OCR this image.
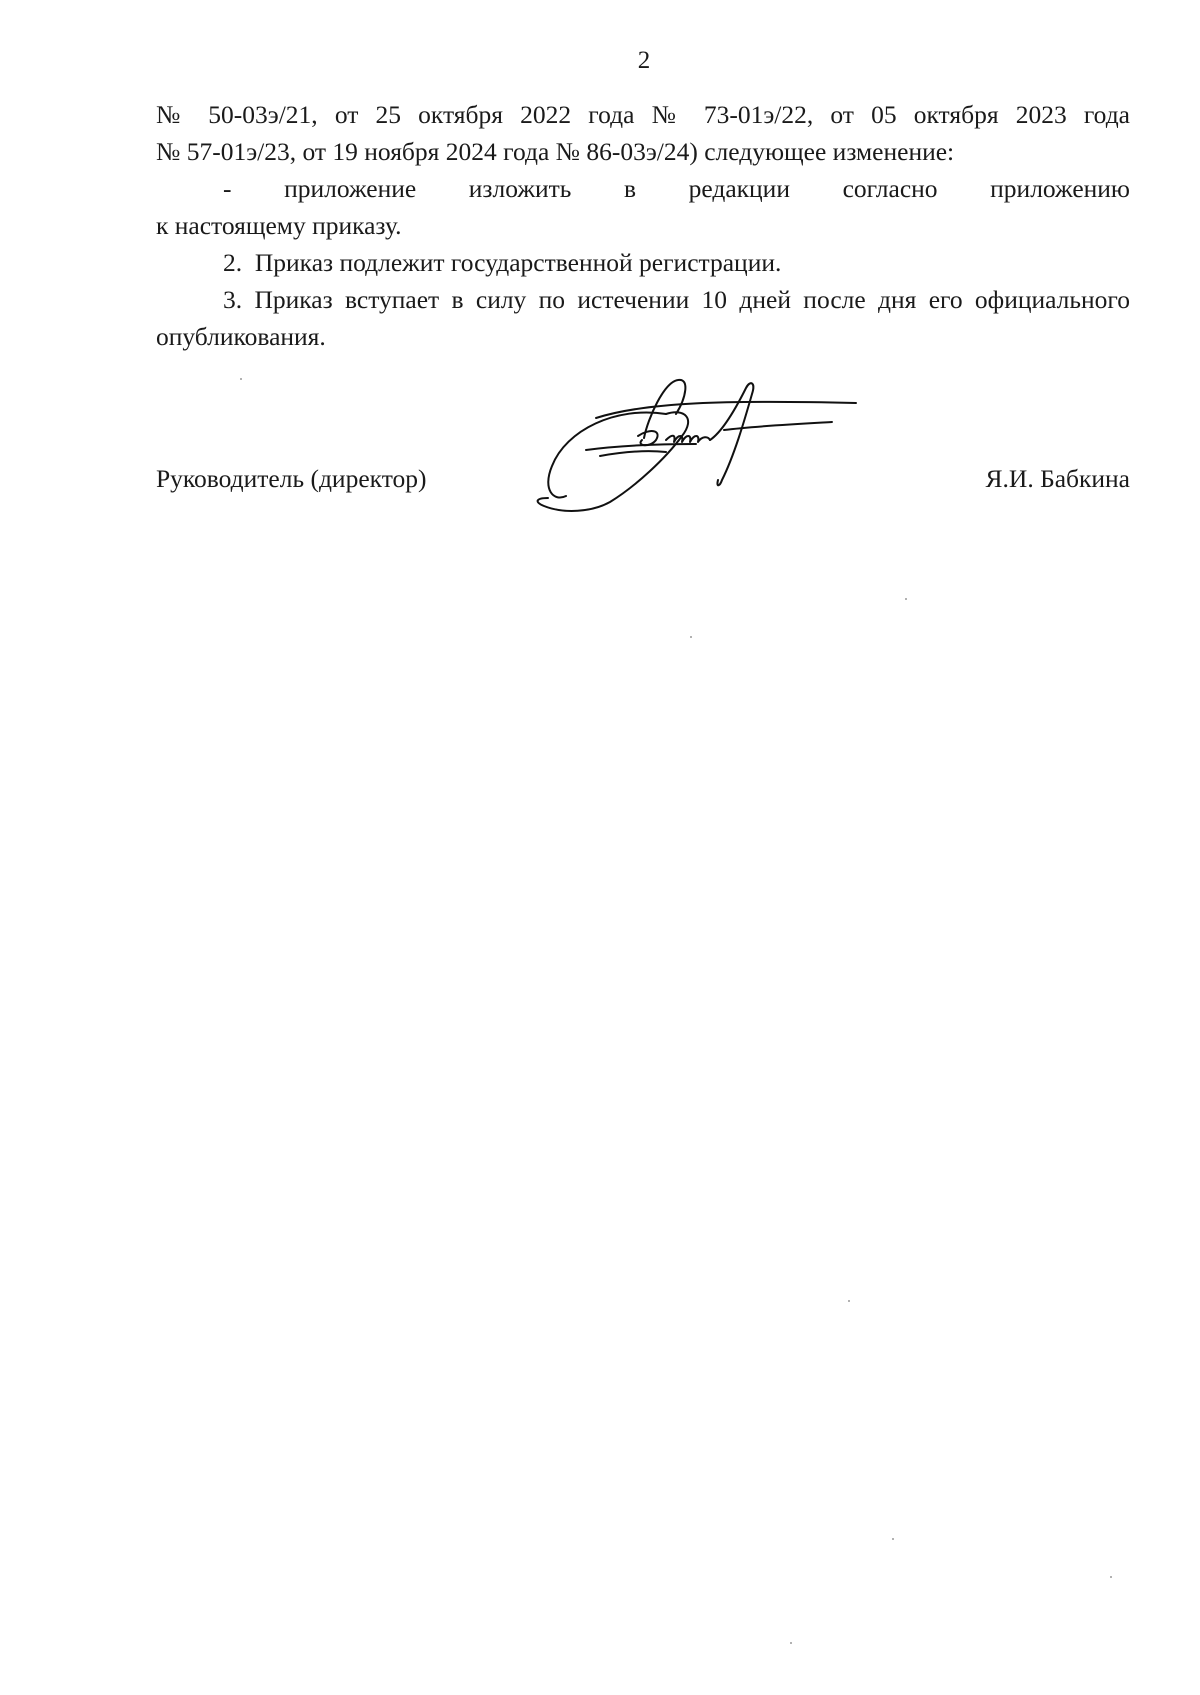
2

№ 50-03э/21, от 25 октября 2022 года № 73-01э/22, от 05 октября 2023 года

№ 57-01э/23, от 19 ноября 2024 года № 86-03э/24) следующее изменение:

-   приложение   изложить   в   редакции   согласно   приложению

к настоящему приказу.

2.  Приказ подлежит государственной регистрации.

3. Приказ вступает в силу по истечении 10 дней после дня его официального опубликования.

Руководитель (директор)	Я.И. Бабкина
